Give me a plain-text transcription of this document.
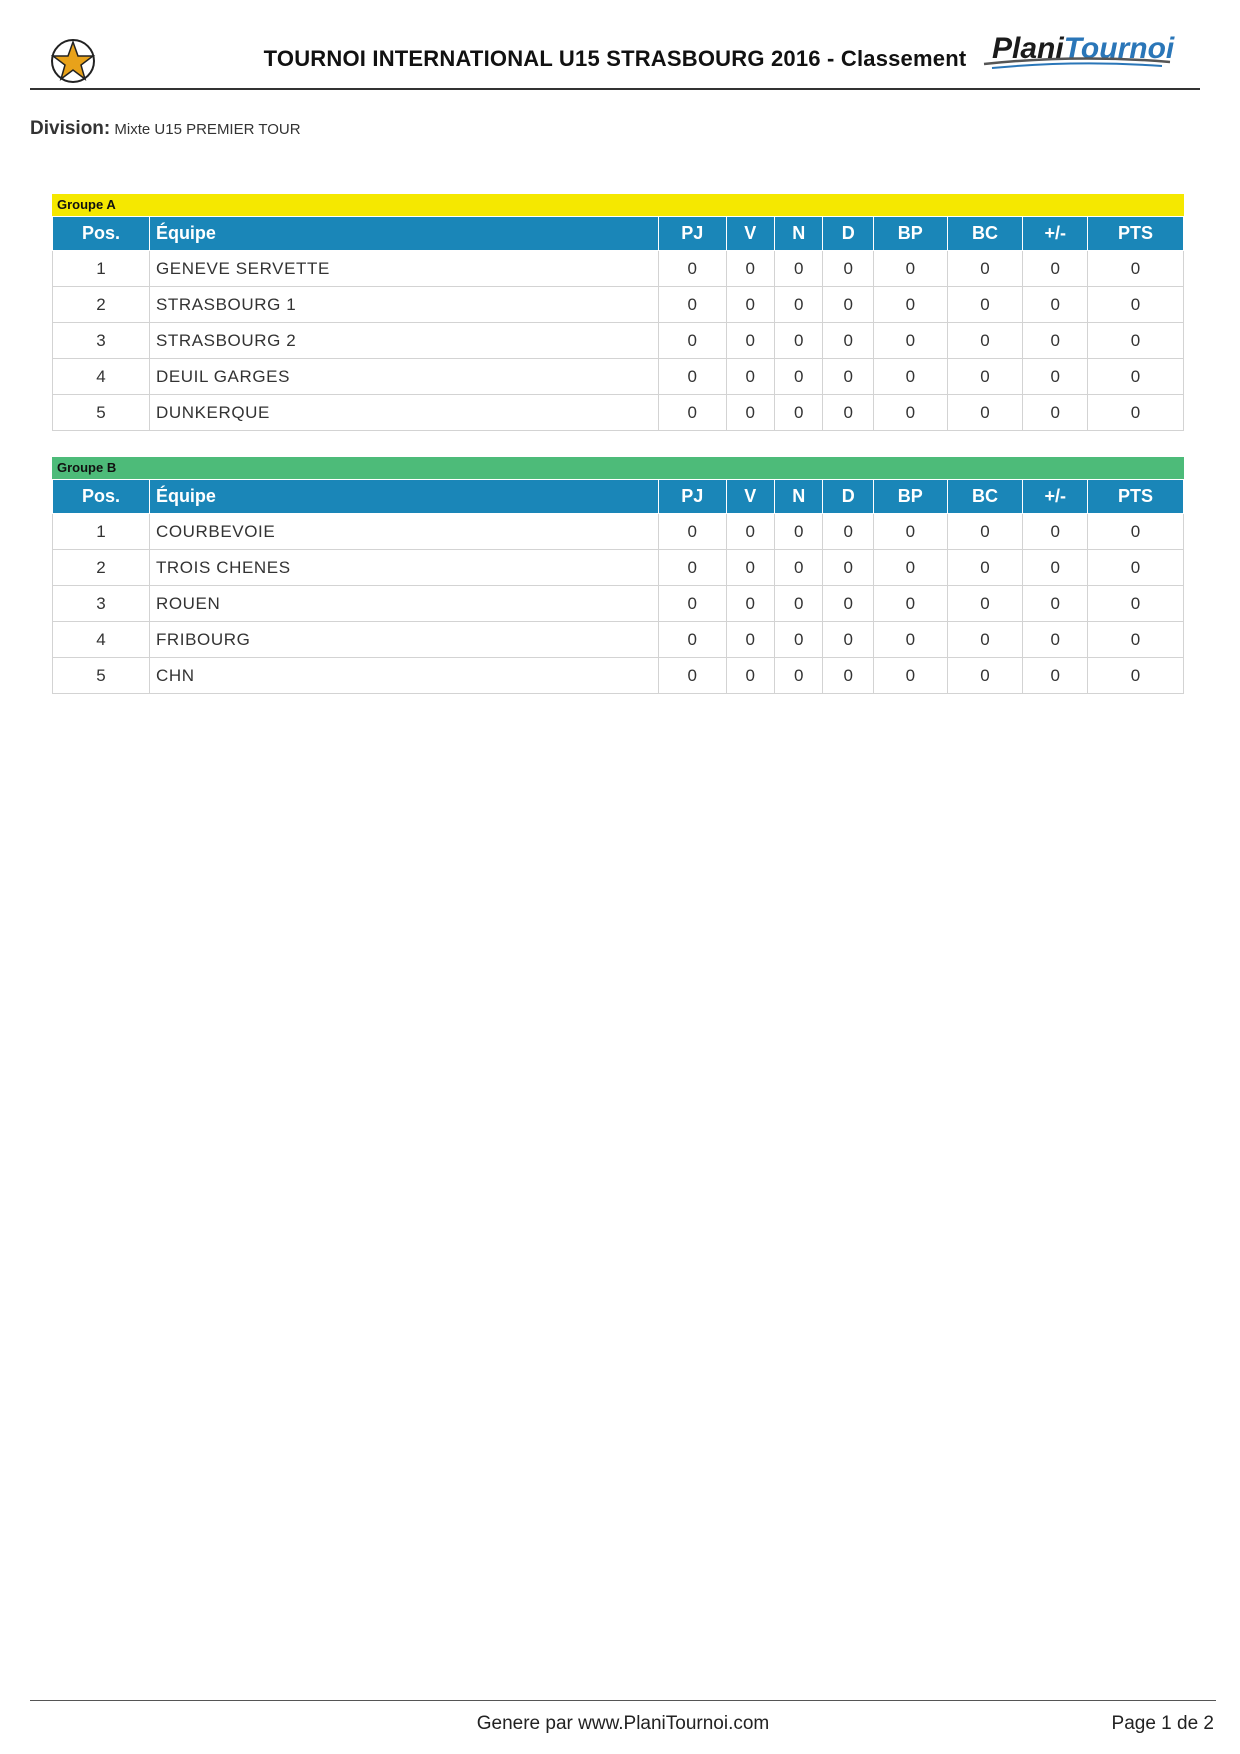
TOURNOI INTERNATIONAL U15 STRASBOURG 2016 - Classement PlaniTournoi
Division: Mixte U15 PREMIER TOUR
Groupe A
Pos.	Équipe	PJ	V	N	D	BP	BC	+/-	PTS
1	GENEVE SERVETTE	0	0	0	0	0	0	0	0
2	STRASBOURG 1	0	0	0	0	0	0	0	0
3	STRASBOURG 2	0	0	0	0	0	0	0	0
4	DEUIL GARGES	0	0	0	0	0	0	0	0
5	DUNKERQUE	0	0	0	0	0	0	0	0
Groupe B
Pos.	Équipe	PJ	V	N	D	BP	BC	+/-	PTS
1	COURBEVOIE	0	0	0	0	0	0	0	0
2	TROIS CHENES	0	0	0	0	0	0	0	0
3	ROUEN	0	0	0	0	0	0	0	0
4	FRIBOURG	0	0	0	0	0	0	0	0
5	CHN	0	0	0	0	0	0	0	0
Genere par www.PlaniTournoi.com	Page 1 de 2
